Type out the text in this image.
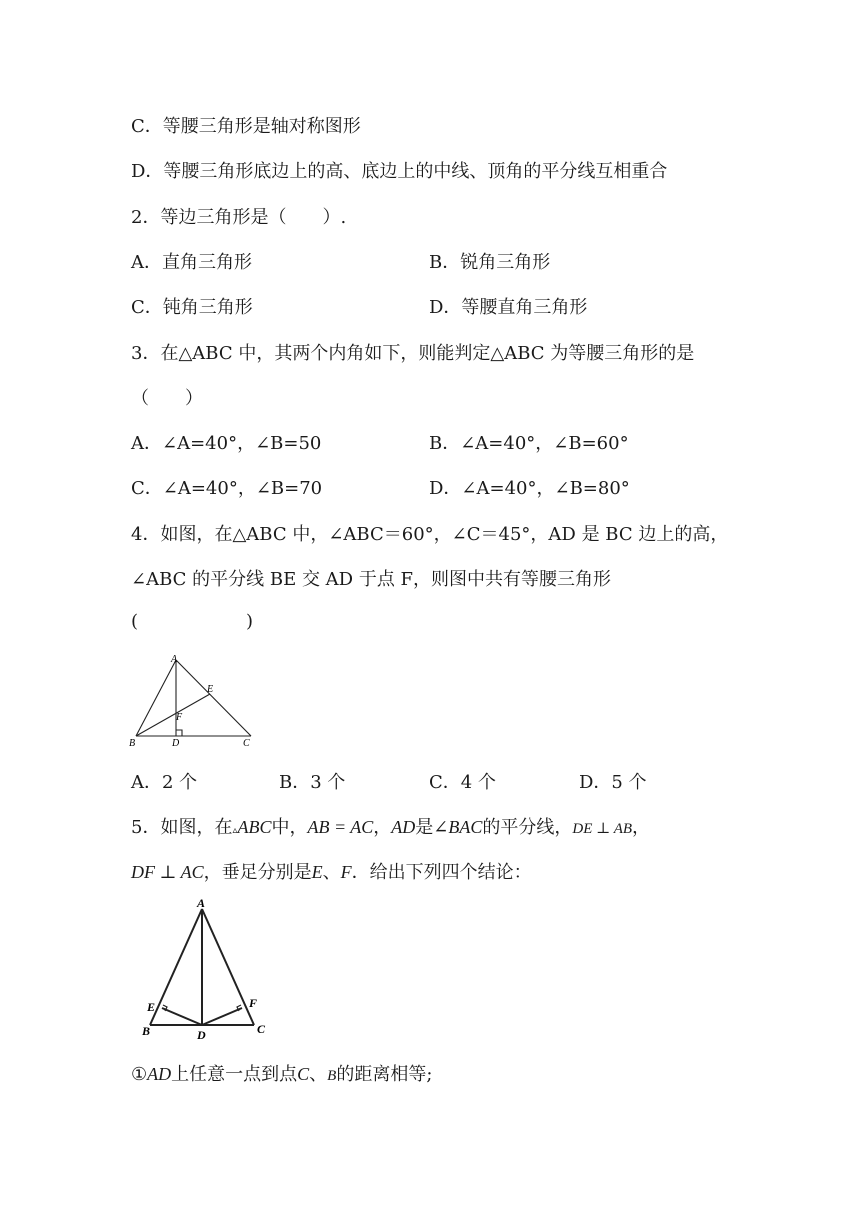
C．等腰三角形是轴对称图形
D．等腰三角形底边上的高、底边上的中线、顶角的平分线互相重合
2．等边三角形是（　　）.
A．直角三角形	B．锐角三角形
C．钝角三角形	D．等腰直角三角形
3．在△ABC 中，其两个内角如下，则能判定△ABC 为等腰三角形的是
（　　）
A．∠A=40°，∠B=50	B．∠A=40°，∠B=60°
C．∠A=40°，∠B=70	D．∠A=40°，∠B=80°
4．如图，在△ABC 中，∠ABC＝60°，∠C＝45°，AD 是 BC 边上的高，
∠ABC 的平分线 BE 交 AD 于点 F，则图中共有等腰三角形
(　　　　　　)
A
B	C
D
E
F
A．2 个	B．3 个	C．4 个	D．5 个
5．如图，在▵ABC中，AB = AC，AD是∠BAC的平分线，DE ⊥ AB，
DF ⊥ AC，垂足分别是E、F．给出下列四个结论：
A
B	C
D
E	F
①AD上任意一点到点C、B的距离相等;
